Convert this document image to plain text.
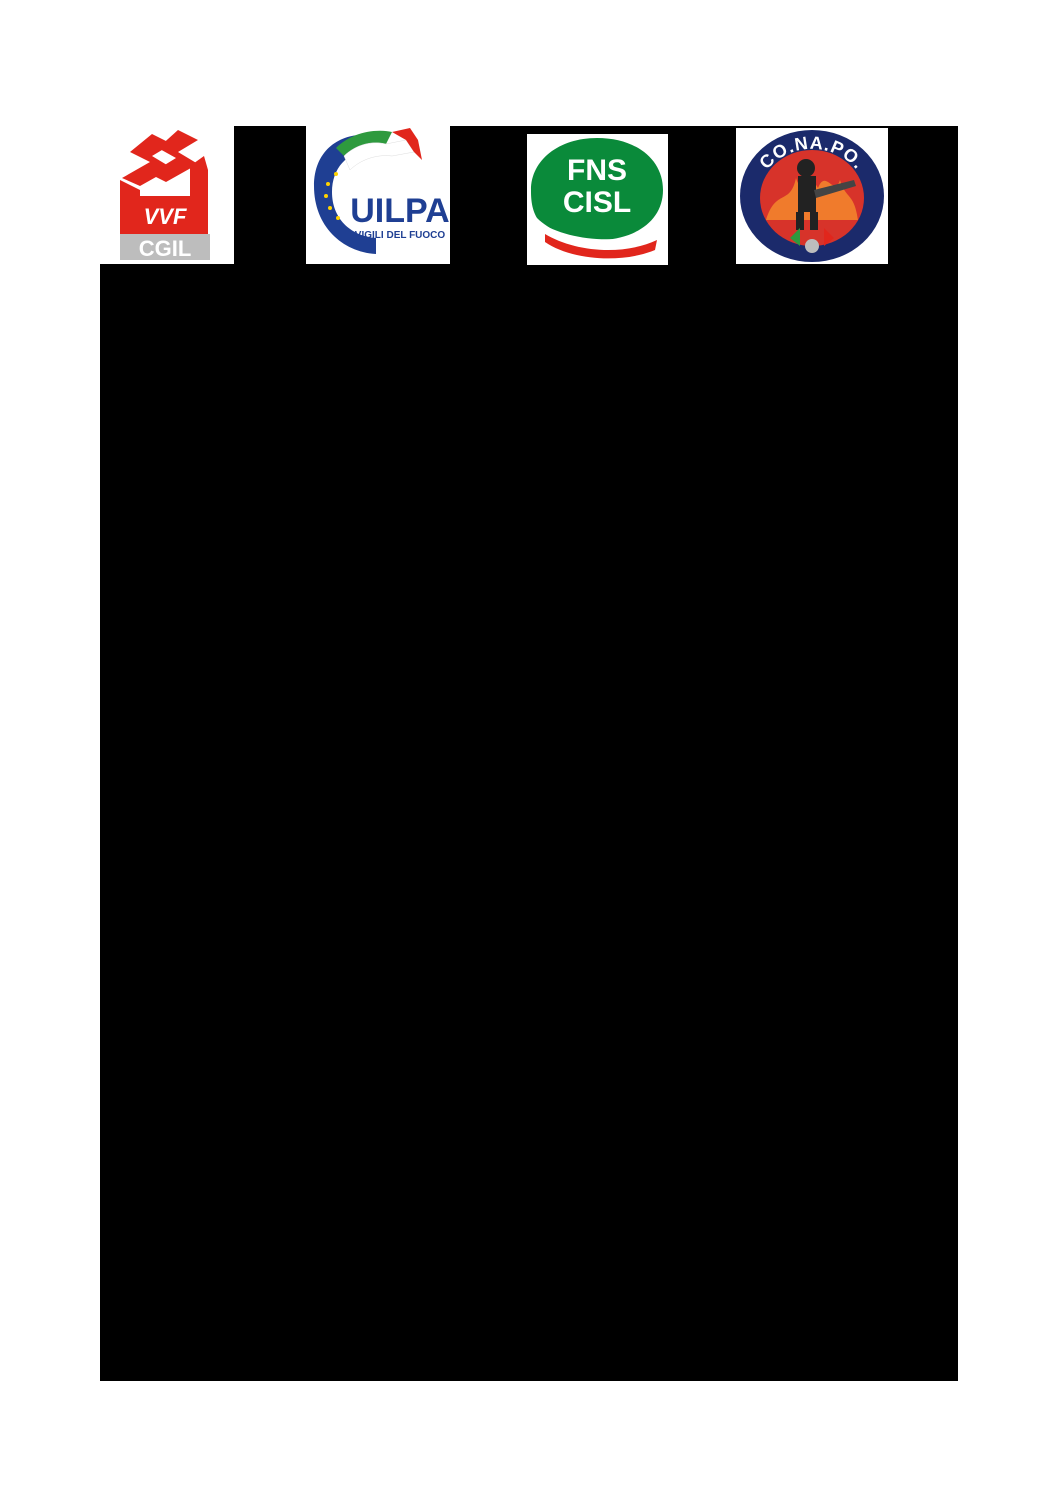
VVF
CGIL
UILPA
VIGILI DEL FUOCO
FNS
CISL
CO.NA.PO.
Enna,18/01/2023
Egregio Comandante,

con nota prot. n. 33298 del 19/12/2022 la D.C.R.L.S. ha comunicato un ulteriore aggiornamento ed implementazione dell'applicativo Sipec che prevede tra l'altro, nella nuova area, di formulare richiesta di corresponsione degli emolumenti precedentemente autorizzati ed accantonati.

Tuttavia, l'applicativo permette solo l'inoltro di richieste di pagamento delle ore maturate nell'anno corrente mentre per le richieste di pagamento di ore maturate in anni precedenti, con OdG n. 26 del 16.01.2023, sono state fornite ulteriori indicazioni.

A tal riguardo le scriventi OO.SS osservano l'inappropriata indicazione di un termine perentorio di soli due giorni dall'OdG n. 26 del 16.01.2023 per la presentazione delle istanze di pagamento, a fronte di una comunicazione che risulta essere stata effettuata con ampio margine di tempo.

Osservano inoltre, anche sulla base delle disposizioni in essere, che le ore impropriamente azzerate con OdG 20 del 20.01.2021, relativo agli anni 2019 e precedenti, non ancora corrisposte o altrimenti fruite dal personale e per le quali non risulta prescritto il diritto al pagamento, non risultano presenti nel saldo anni precedenti.

Tanto premesso, a meno di un mese dal suo insediamento, spiace dover affrontare questioni nate precedentemente sulle quali confidiamo con il Suo mandato una pronta risoluzione.

Tuttavia, anche al fine di evitare possibili contenziosi, le scriventi OO.SS si vedono costrette a formalizzare la richiesta di una pronta risoluzione di quanto sopra esposto e delle questioni afferenti la Banca delle Ore ed una proroga del termine di presentazione delle richieste di cui all'OdG n. 26 del 16/01/2023.

Cordiali saluti
